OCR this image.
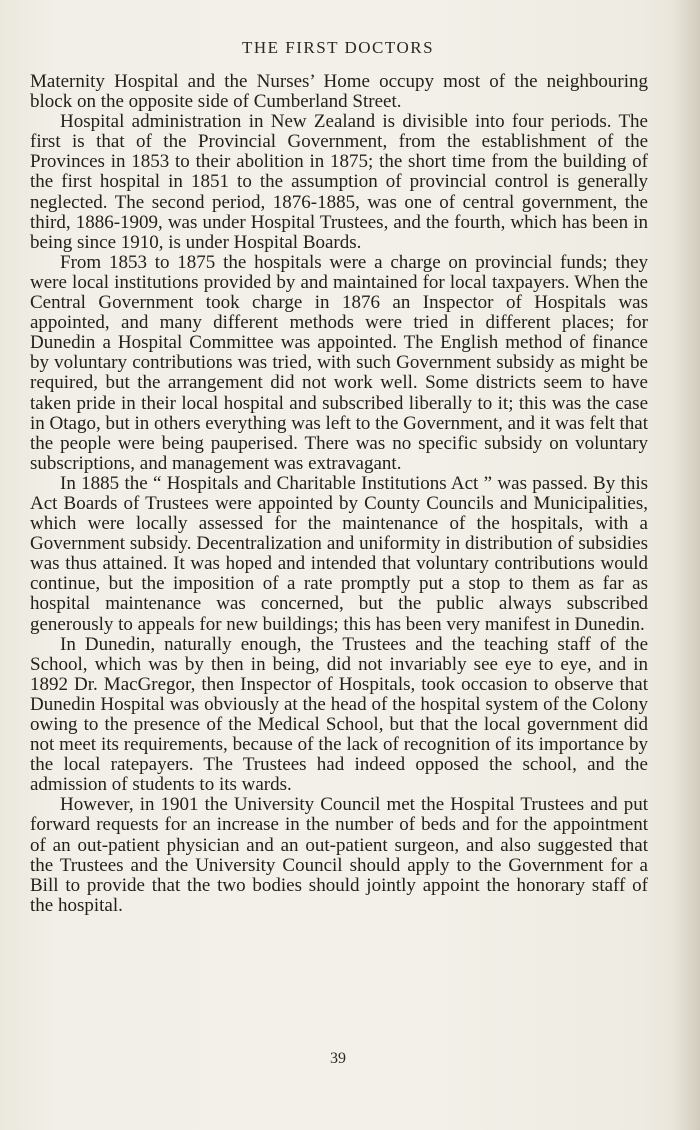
THE FIRST DOCTORS

Maternity Hospital and the Nurses’ Home occupy most of the neighbouring block on the opposite side of Cumberland Street.

Hospital administration in New Zealand is divisible into four periods. The first is that of the Provincial Government, from the establishment of the Provinces in 1853 to their abolition in 1875; the short time from the building of the first hospital in 1851 to the assumption of provincial control is generally neglected. The second period, 1876-1885, was one of central government, the third, 1886-1909, was under Hospital Trustees, and the fourth, which has been in being since 1910, is under Hospital Boards.

From 1853 to 1875 the hospitals were a charge on provincial funds; they were local institutions provided by and maintained for local taxpayers. When the Central Government took charge in 1876 an Inspector of Hospitals was appointed, and many different methods were tried in different places; for Dunedin a Hospital Committee was appointed. The English method of finance by voluntary contributions was tried, with such Government subsidy as might be required, but the arrangement did not work well. Some districts seem to have taken pride in their local hospital and subscribed liberally to it; this was the case in Otago, but in others everything was left to the Government, and it was felt that the people were being pauperised. There was no specific subsidy on voluntary subscriptions, and management was extravagant.

In 1885 the “ Hospitals and Charitable Institutions Act ” was passed. By this Act Boards of Trustees were appointed by County Councils and Municipalities, which were locally assessed for the maintenance of the hospitals, with a Government subsidy. Decentralization and uniformity in distribution of subsidies was thus attained. It was hoped and intended that voluntary contributions would continue, but the imposition of a rate promptly put a stop to them as far as hospital maintenance was concerned, but the public always subscribed generously to appeals for new buildings; this has been very manifest in Dunedin.

In Dunedin, naturally enough, the Trustees and the teaching staff of the School, which was by then in being, did not invariably see eye to eye, and in 1892 Dr. MacGregor, then Inspector of Hospitals, took occasion to observe that Dunedin Hospital was obviously at the head of the hospital system of the Colony owing to the presence of the Medical School, but that the local government did not meet its requirements, because of the lack of recognition of its importance by the local ratepayers. The Trustees had indeed opposed the school, and the admission of students to its wards.

However, in 1901 the University Council met the Hospital Trustees and put forward requests for an increase in the number of beds and for the appointment of an out-patient physician and an out-patient surgeon, and also suggested that the Trustees and the University Council should apply to the Government for a Bill to provide that the two bodies should jointly appoint the honorary staff of the hospital.

39
